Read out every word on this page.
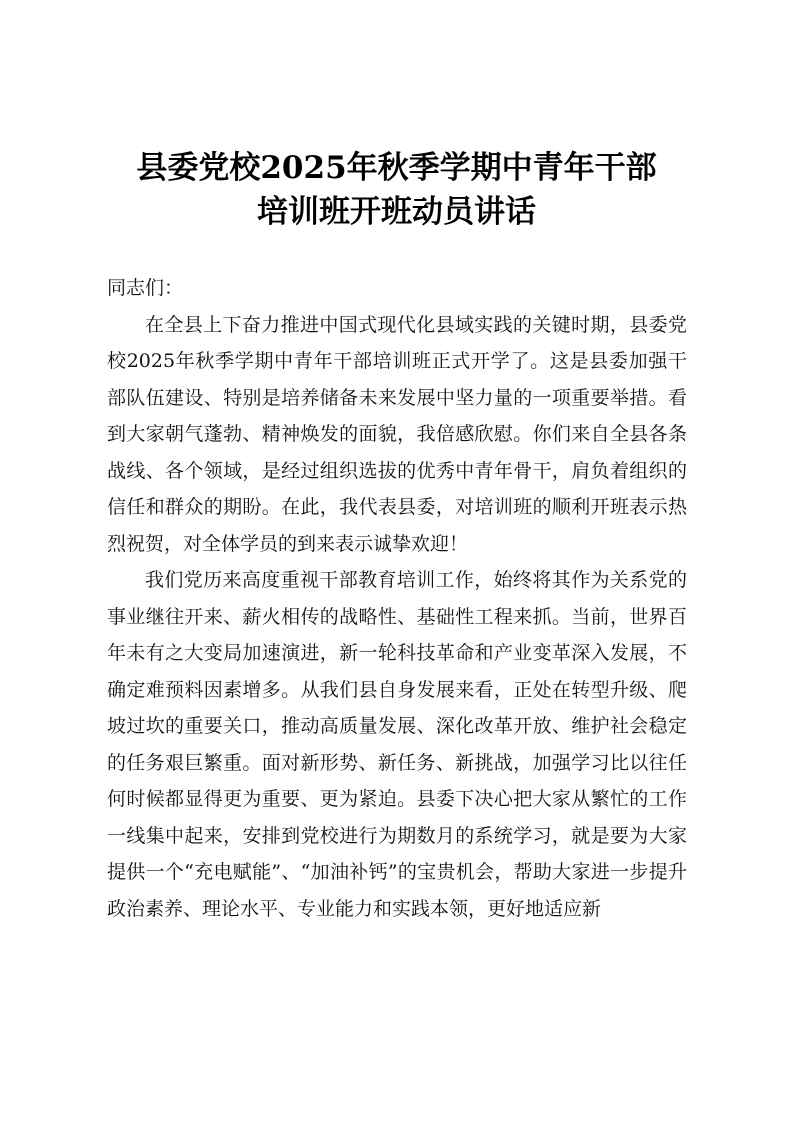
县委党校2025年秋季学期中青年干部
培训班开班动员讲话

同志们：

在全县上下奋力推进中国式现代化县域实践的关键时期，县委党校2025年秋季学期中青年干部培训班正式开学了。这是县委加强干部队伍建设、特别是培养储备未来发展中坚力量的一项重要举措。看到大家朝气蓬勃、精神焕发的面貌，我倍感欣慰。你们来自全县各条战线、各个领域，是经过组织选拔的优秀中青年骨干，肩负着组织的信任和群众的期盼。在此，我代表县委，对培训班的顺利开班表示热烈祝贺，对全体学员的到来表示诚挚欢迎！

我们党历来高度重视干部教育培训工作，始终将其作为关系党的事业继往开来、薪火相传的战略性、基础性工程来抓。当前，世界百年未有之大变局加速演进，新一轮科技革命和产业变革深入发展，不确定难预料因素增多。从我们县自身发展来看，正处在转型升级、爬坡过坎的重要关口，推动高质量发展、深化改革开放、维护社会稳定的任务艰巨繁重。面对新形势、新任务、新挑战，加强学习比以往任何时候都显得更为重要、更为紧迫。县委下决心把大家从繁忙的工作一线集中起来，安排到党校进行为期数月的系统学习，就是要为大家提供一个“充电赋能”、“加油补钙”的宝贵机会，帮助大家进一步提升政治素养、理论水平、专业能力和实践本领，更好地适应新
